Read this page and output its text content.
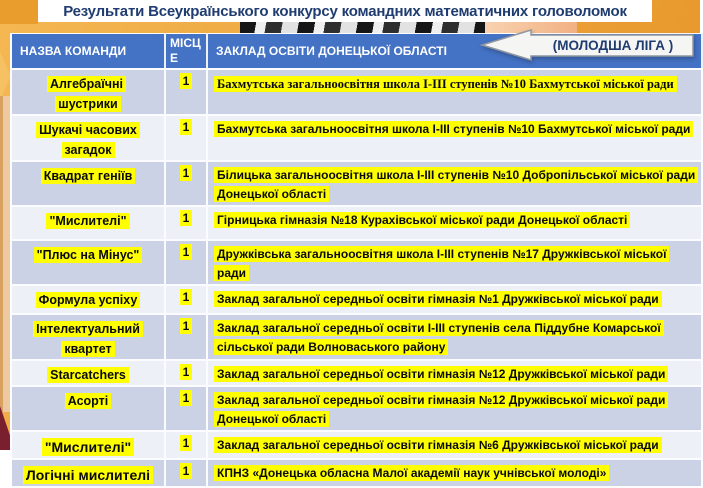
Результати Всеукраїнського конкурсу командних математичних головоломок
НАЗВА КОМАНДИ	МІСЦЕ	ЗАКЛАД ОСВІТИ ДОНЕЦЬКОЇ ОБЛАСТІ
Алгебраїчні шустрики	1	Бахмутська загальноосвітня школа І-ІІІ ступенів №10 Бахмутської міської ради
Шукачі часових загадок	1	Бахмутська загальноосвітня школа І-ІІІ ступенів №10 Бахмутської міської ради
Квадрат геніїв	1	Білицька загальноосвітня школа І-ІІІ ступенів №10 Добропільської міської ради Донецької області
"Мислителі"	1	Гірницька гімназія №18 Курахівської міської ради Донецької області
"Плюс на Мінус"	1	Дружківська загальноосвітня школа І-ІІІ ступенів №17 Дружківської міської ради
Формула успіху	1	Заклад загальної середньої освіти гімназія №1 Дружківської міської ради
Інтелектуальний квартет	1	Заклад загальної середньої освіти І-ІІІ ступенів села Піддубне Комарської сільської ради Волноваського району
Starcatchers	1	Заклад загальної середньої освіти гімназія №12 Дружківської міської ради
Асорті	1	Заклад загальної середньої освіти гімназія №12 Дружківської міської ради Донецької області
"Мислителі"	1	Заклад загальної середньої освіти гімназія №6 Дружківської міської ради
Логічні мислителі	1	КПНЗ «Донецька обласна Малої академії наук учнівської молоді»
(МОЛОДША ЛІГА )
